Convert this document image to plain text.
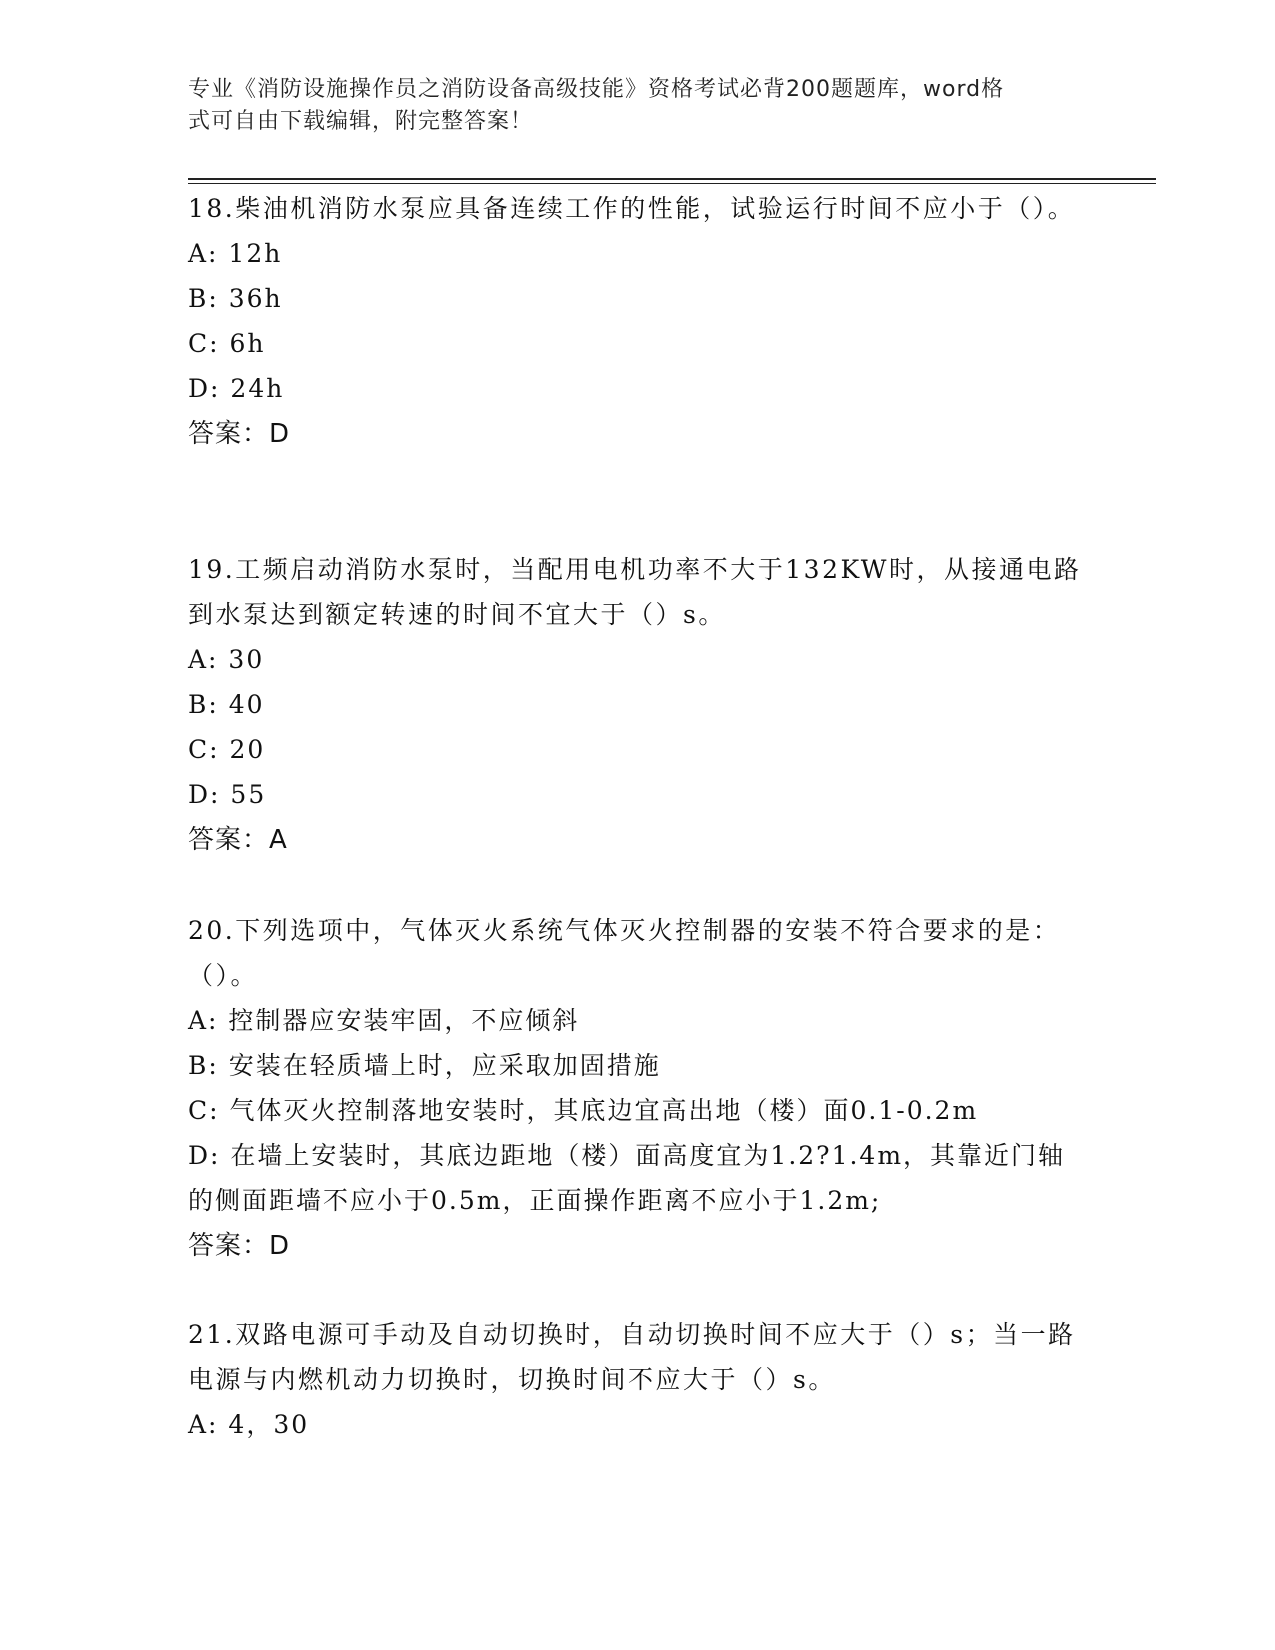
专业《消防设施操作员之消防设备高级技能》资格考试必背200题题库，word格
式可自由下载编辑，附完整答案！

18.柴油机消防水泵应具备连续工作的性能，试验运行时间不应小于（）。

A: 12h

B: 36h

C: 6h

D: 24h

答案：D

19.工频启动消防水泵时，当配用电机功率不大于132KW时，从接通电路到水泵达到额定转速的时间不宜大于（）s。

A: 30

B: 40

C: 20

D: 55

答案：A

20.下列选项中，气体灭火系统气体灭火控制器的安装不符合要求的是：（）。

A: 控制器应安装牢固，不应倾斜

B: 安装在轻质墙上时，应采取加固措施

C: 气体灭火控制落地安装时，其底边宜高出地（楼）面0.1-0.2m

D: 在墙上安装时，其底边距地（楼）面高度宜为1.2?1.4m，其靠近门轴的侧面距墙不应小于0.5m，正面操作距离不应小于1.2m;

答案：D

21.双路电源可手动及自动切换时，自动切换时间不应大于（）s；当一路电源与内燃机动力切换时，切换时间不应大于（）s。

A: 4，30
